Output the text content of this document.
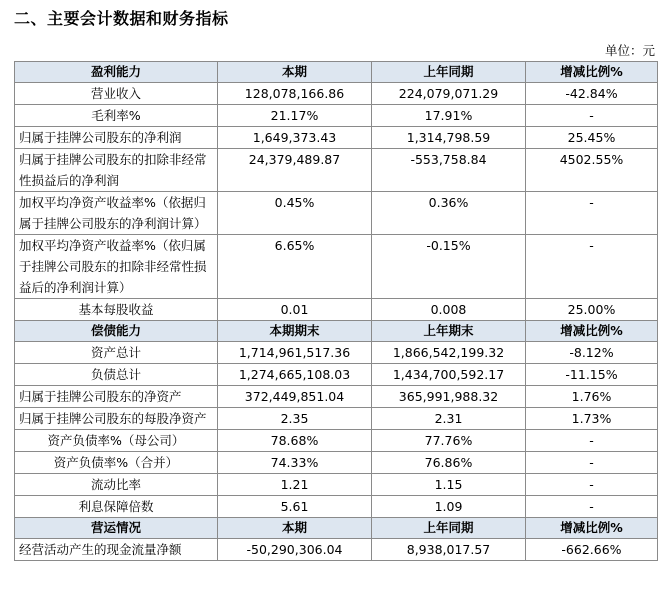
二、主要会计数据和财务指标
单位：元
盈利能力	本期	上年同期	增减比例%
营业收入	128,078,166.86	224,079,071.29	-42.84%
毛利率%	21.17%	17.91%	-
归属于挂牌公司股东的净利润	1,649,373.43	1,314,798.59	25.45%
归属于挂牌公司股东的扣除非经常性损益后的净利润	24,379,489.87	-553,758.84	4502.55%
加权平均净资产收益率%（依据归属于挂牌公司股东的净利润计算）	0.45%	0.36%	-
加权平均净资产收益率%（依归属于挂牌公司股东的扣除非经常性损益后的净利润计算）	6.65%	-0.15%	-
基本每股收益	0.01	0.008	25.00%
偿债能力	本期期末	上年期末	增减比例%
资产总计	1,714,961,517.36	1,866,542,199.32	-8.12%
负债总计	1,274,665,108.03	1,434,700,592.17	-11.15%
归属于挂牌公司股东的净资产	372,449,851.04	365,991,988.32	1.76%
归属于挂牌公司股东的每股净资产	2.35	2.31	1.73%
资产负债率%（母公司）	78.68%	77.76%	-
资产负债率%（合并）	74.33%	76.86%	-
流动比率	1.21	1.15	-
利息保障倍数	5.61	1.09	-
营运情况	本期	上年同期	增减比例%
经营活动产生的现金流量净额	-50,290,306.04	8,938,017.57	-662.66%
